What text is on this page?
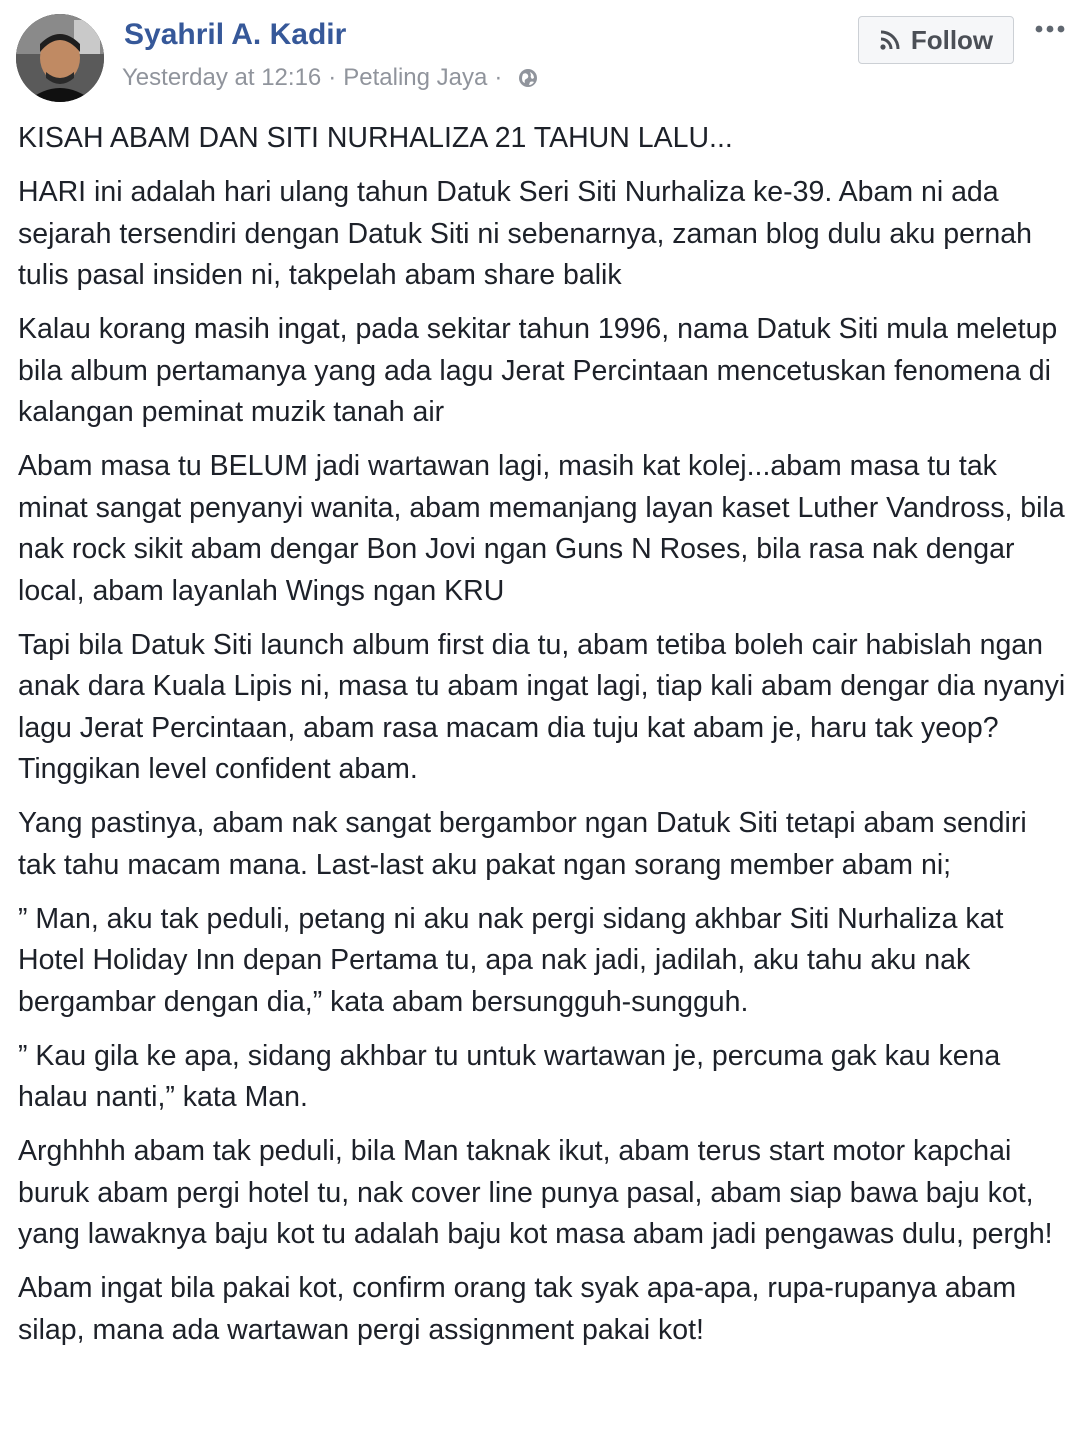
Syahril A. Kadir
Yesterday at 12:16 · Petaling Jaya ·
Follow

KISAH ABAM DAN SITI NURHALIZA 21 TAHUN LALU...

HARI ini adalah hari ulang tahun Datuk Seri Siti Nurhaliza ke-39. Abam ni ada sejarah tersendiri dengan Datuk Siti ni sebenarnya, zaman blog dulu aku pernah tulis pasal insiden ni, takpelah abam share balik

Kalau korang masih ingat, pada sekitar tahun 1996, nama Datuk Siti mula meletup bila album pertamanya yang ada lagu Jerat Percintaan mencetuskan fenomena di kalangan peminat muzik tanah air

Abam masa tu BELUM jadi wartawan lagi, masih kat kolej...abam masa tu tak minat sangat penyanyi wanita, abam memanjang layan kaset Luther Vandross, bila nak rock sikit abam dengar Bon Jovi ngan Guns N Roses, bila rasa nak dengar local, abam layanlah Wings ngan KRU

Tapi bila Datuk Siti launch album first dia tu, abam tetiba boleh cair habislah ngan anak dara Kuala Lipis ni, masa tu abam ingat lagi, tiap kali abam dengar dia nyanyi lagu Jerat Percintaan, abam rasa macam dia tuju kat abam je, haru tak yeop? Tinggikan level confident abam.

Yang pastinya, abam nak sangat bergambor ngan Datuk Siti tetapi abam sendiri tak tahu macam mana. Last-last aku pakat ngan sorang member abam ni;

” Man, aku tak peduli, petang ni aku nak pergi sidang akhbar Siti Nurhaliza kat Hotel Holiday Inn depan Pertama tu, apa nak jadi, jadilah, aku tahu aku nak bergambar dengan dia,” kata abam bersungguh-sungguh.

” Kau gila ke apa, sidang akhbar tu untuk wartawan je, percuma gak kau kena halau nanti,” kata Man.

Arghhhh abam tak peduli, bila Man taknak ikut, abam terus start motor kapchai buruk abam pergi hotel tu, nak cover line punya pasal, abam siap bawa baju kot, yang lawaknya baju kot tu adalah baju kot masa abam jadi pengawas dulu, pergh!

Abam ingat bila pakai kot, confirm orang tak syak apa-apa, rupa-rupanya abam silap, mana ada wartawan pergi assignment pakai kot!
